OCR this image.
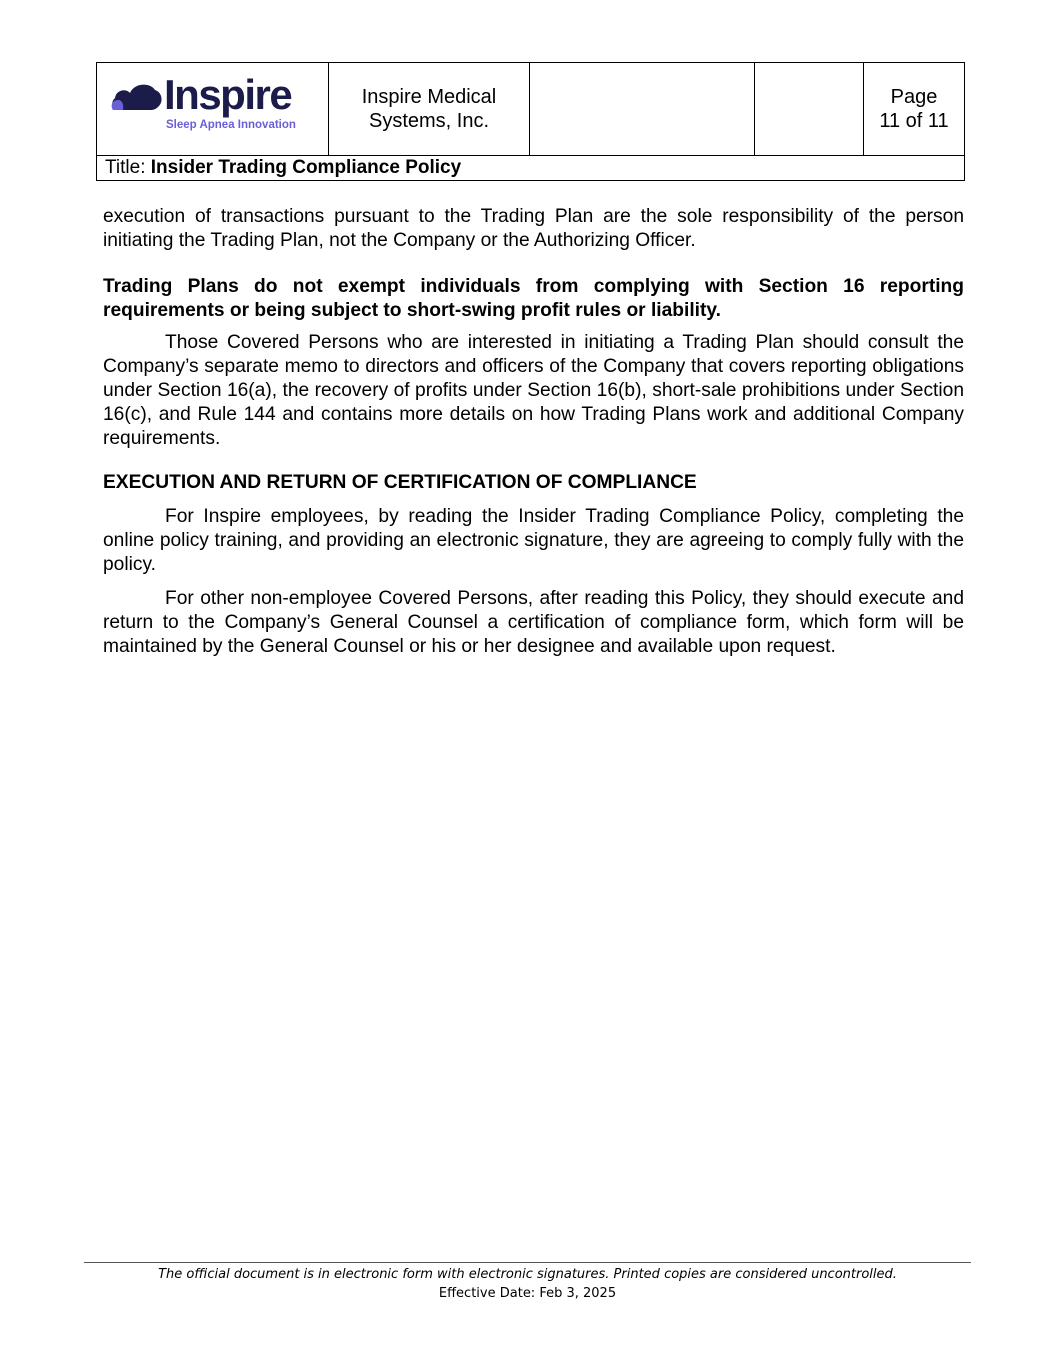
Inspire
Sleep Apnea Innovation

Inspire Medical
Systems, Inc.

Page
11 of 11

Title: Insider Trading Compliance Policy

execution of transactions pursuant to the Trading Plan are the sole responsibility of the person initiating the Trading Plan, not the Company or the Authorizing Officer.

Trading Plans do not exempt individuals from complying with Section 16 reporting requirements or being subject to short-swing profit rules or liability.

Those Covered Persons who are interested in initiating a Trading Plan should consult the Company’s separate memo to directors and officers of the Company that covers reporting obligations under Section 16(a), the recovery of profits under Section 16(b), short-sale prohibitions under Section 16(c), and Rule 144 and contains more details on how Trading Plans work and additional Company requirements.

EXECUTION AND RETURN OF CERTIFICATION OF COMPLIANCE

For Inspire employees, by reading the Insider Trading Compliance Policy, completing the online policy training, and providing an electronic signature, they are agreeing to comply fully with the policy.

For other non-employee Covered Persons, after reading this Policy, they should execute and return to the Company’s General Counsel a certification of compliance form, which form will be maintained by the General Counsel or his or her designee and available upon request.

The official document is in electronic form with electronic signatures. Printed copies are considered uncontrolled.
Effective Date: Feb 3, 2025
